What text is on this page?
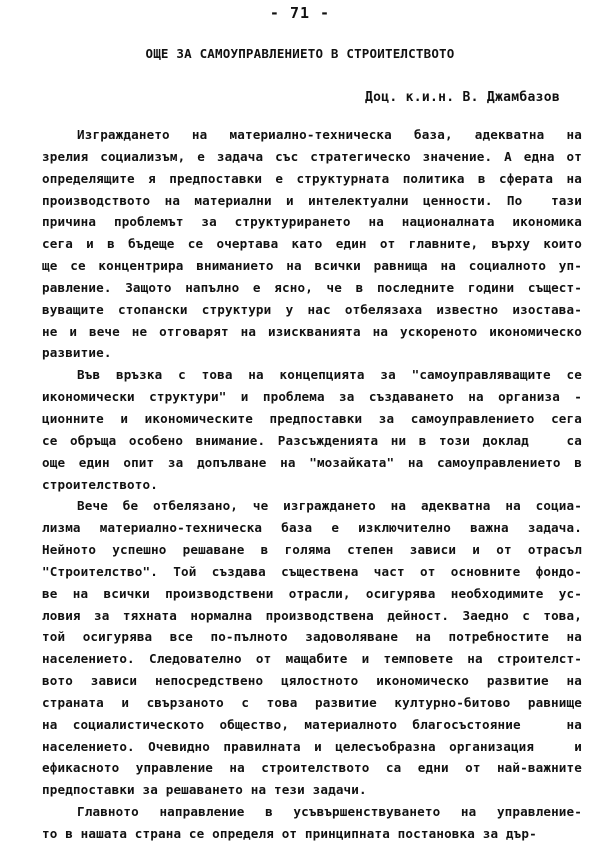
- 71 -
ОЩЕ ЗА САМОУПРАВЛЕНИЕТО В СТРОИТЕЛСТВОТО
Доц. к.и.н. В. Джамбазов
Изграждането на материално-техническа база, адекватна на
зрелия социализъм, е задача със стратегическо значение. А една от
определящите я предпоставки е структурната политика в сферата на
производството на материални и интелектуални ценности. По  тази
причина проблемът за структурирането на националната икономика
сега и в бъдеще се очертава като един от главните, върху които
ще се концентрира вниманието на всички равнища на социалното уп-
равление. Защото напълно е ясно, че в последните години същест-
вуващите стопански структури у нас отбелязаха известно изостава-
не и вече не отговарят на изискванията на ускореното икономическо
развитие.
Във връзка с това на концепцията за "самоуправляващите се
икономически структури" и проблема за създаването на организа -
ционните и икономическите предпоставки за самоуправлението сега
се обръща особено внимание. Разсъжденията ни в този доклад   са
още един опит за допълване на "мозайката" на самоуправлението в
строителството.
Вече бе отбелязано, че изграждането на адекватна на социа-
лизма материално-техническа база е изключително важна задача.
Нейното успешно решаване в голяма степен зависи и от отрасъл
"Строителство". Той създава съществена част от основните фондо-
ве на всички производствени отрасли, осигурява необходимите ус-
ловия за тяхната нормална производствена дейност. Заедно с това,
той осигурява все по-пълното задоволяване на потребностите на
населението. Следователно от мащабите и темповете на строителст-
вото зависи непосредствено цялостното икономическо развитие на
страната и свързаното с това развитие културно-битово равнище
на социалистическото общество, материалното благосъстояние   на
населението. Очевидно правилната и целесъобразна организация   и
ефикасното управление на строителството са едни от най-важните
предпоставки за решаването на тези задачи.
Главното направление в усъвършенствуването на управление-
то в нашата страна се определя от принципната постановка за дър-
